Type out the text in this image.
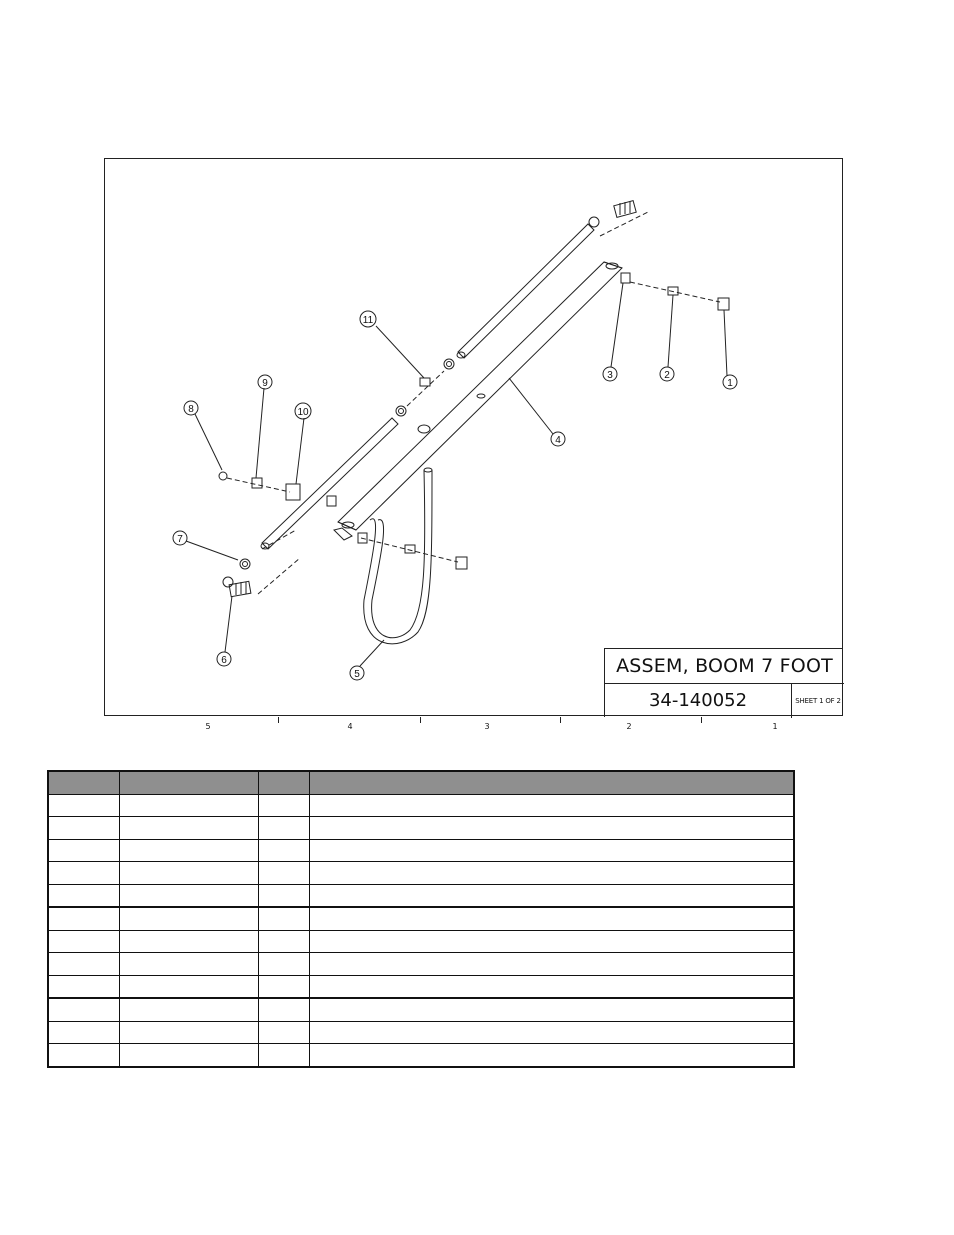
1
2
3
4
5
6
7
8
9
10
11
ASSEM, BOOM 7 FOOT
34-140052	SHEET 1 OF 2
5	4	3	2	1
